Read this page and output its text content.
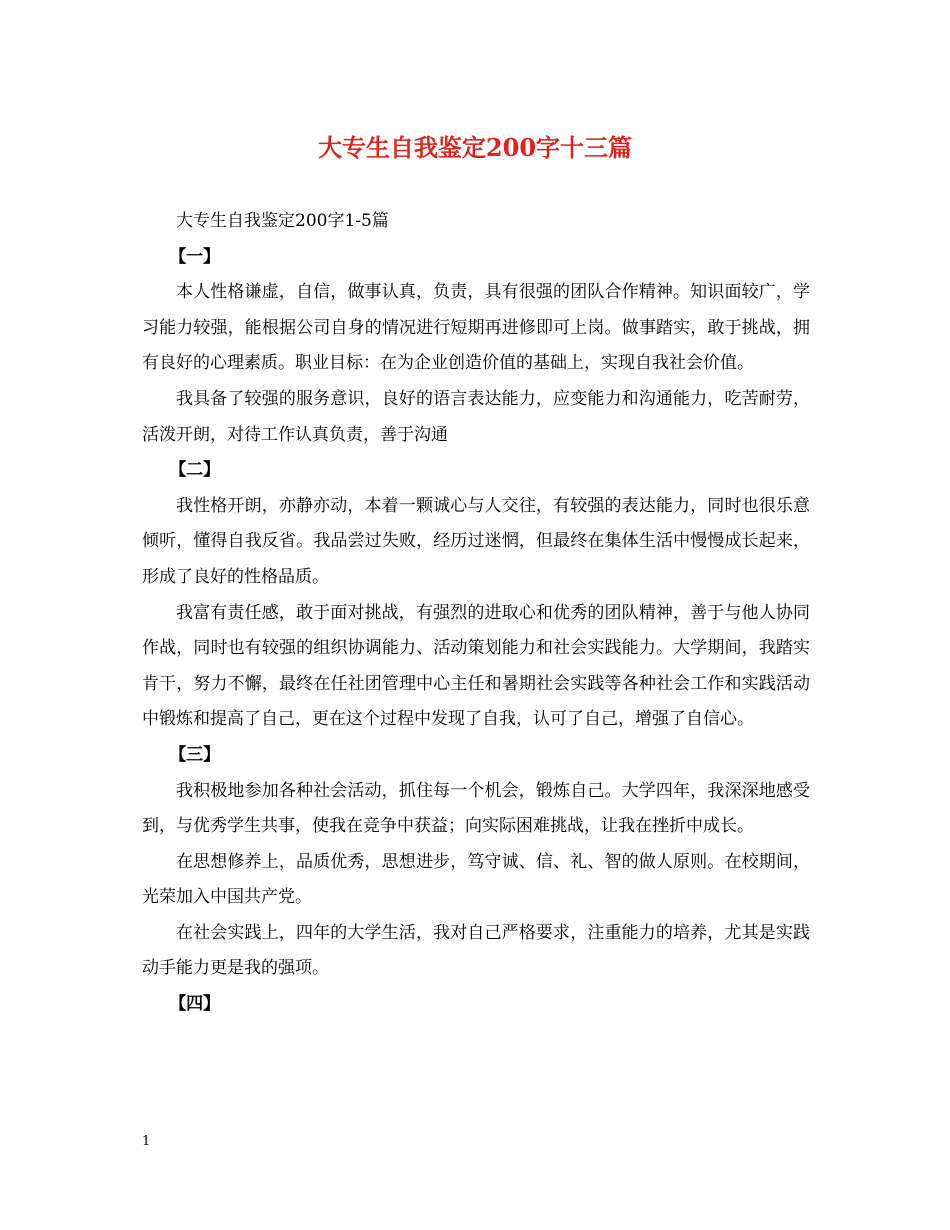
大专生自我鉴定200字十三篇

大专生自我鉴定200字1-5篇

【一】

本人性格谦虚，自信，做事认真，负责，具有很强的团队合作精神。知识面较广，学习能力较强，能根据公司自身的情况进行短期再进修即可上岗。做事踏实，敢于挑战，拥有良好的心理素质。职业目标：在为企业创造价值的基础上，实现自我社会价值。

我具备了较强的服务意识，良好的语言表达能力，应变能力和沟通能力，吃苦耐劳，活泼开朗，对待工作认真负责，善于沟通

【二】

我性格开朗，亦静亦动，本着一颗诚心与人交往，有较强的表达能力，同时也很乐意倾听，懂得自我反省。我品尝过失败，经历过迷惘，但最终在集体生活中慢慢成长起来，形成了良好的性格品质。

我富有责任感，敢于面对挑战，有强烈的进取心和优秀的团队精神，善于与他人协同作战，同时也有较强的组织协调能力、活动策划能力和社会实践能力。大学期间，我踏实肯干，努力不懈，最终在任社团管理中心主任和暑期社会实践等各种社会工作和实践活动中锻炼和提高了自己，更在这个过程中发现了自我，认可了自己，增强了自信心。

【三】

我积极地参加各种社会活动，抓住每一个机会，锻炼自己。大学四年，我深深地感受到，与优秀学生共事，使我在竞争中获益；向实际困难挑战，让我在挫折中成长。

在思想修养上，品质优秀，思想进步，笃守诚、信、礼、智的做人原则。在校期间，光荣加入中国共产党。

在社会实践上，四年的大学生活，我对自己严格要求，注重能力的培养，尤其是实践动手能力更是我的强项。

【四】

1
